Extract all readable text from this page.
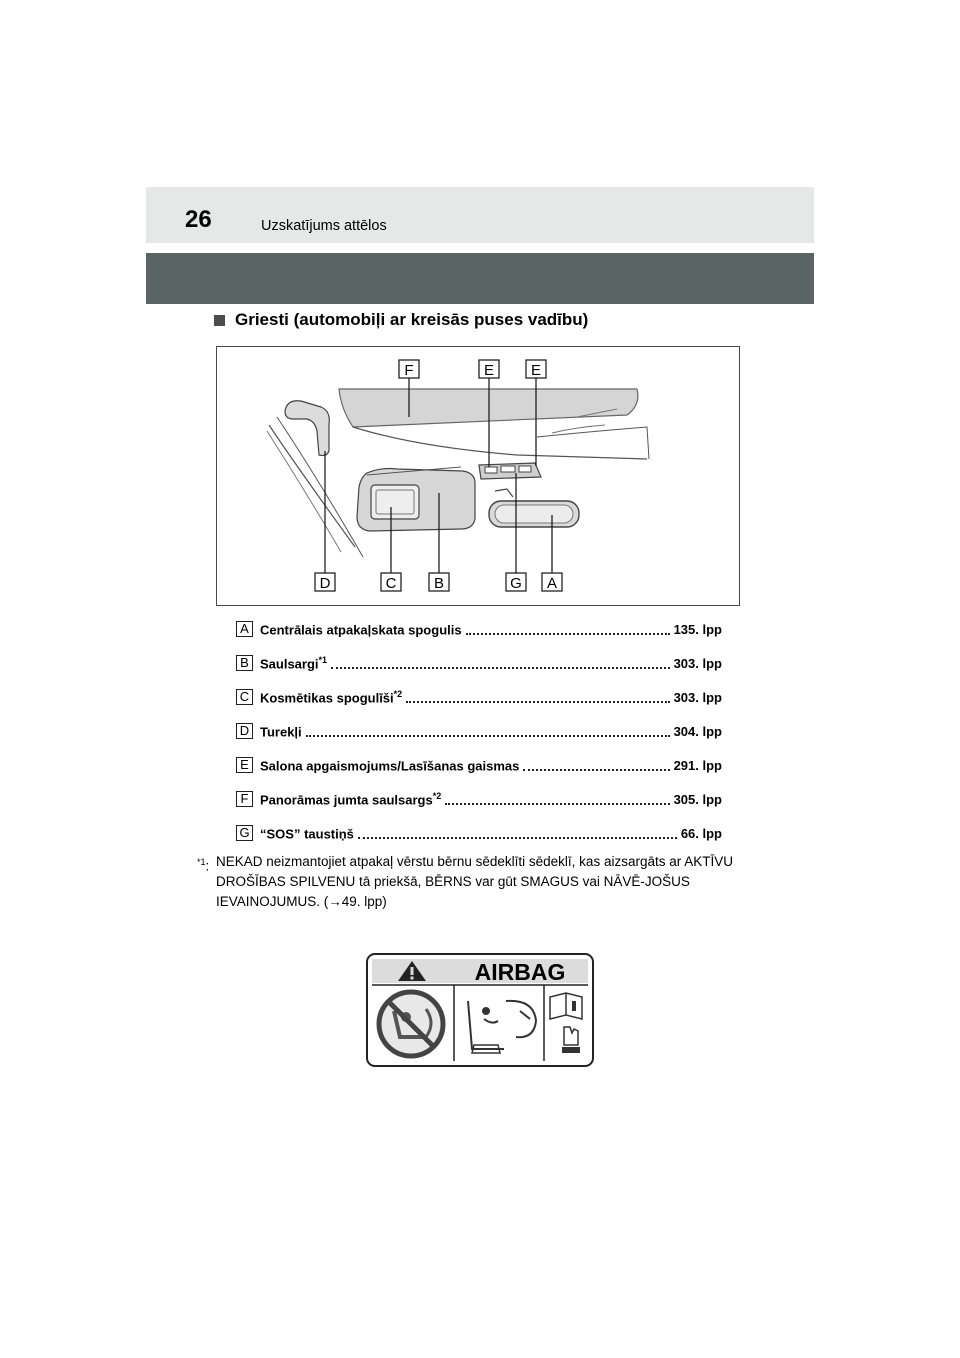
26	Uzskatījums attēlos
Griesti (automobiļi ar kreisās puses vadību)
F	E E
D	C	B	G A
A Centrālais atpakaļskata spogulis	135. lpp
B Saulsargi$^{*1}$	303. lpp
C Kosmētikas spogulīši$^{*2}$	303. lpp
D Turekļi	304. lpp
E Salona apgaismojums/Lasīšanas gaismas	291. lpp
F Panorāmas jumta saulsargs$^{*2}$	305. lpp
G “SOS” taustiņš	66. lpp
$^{*1}$: NEKAD neizmantojiet atpakaļ vērstu bērnu sēdeklīti sēdeklī, kas aizsargāts ar AKTĪVU DROŠĪBAS SPILVENU tā priekšā, BĒRNS var gūt SMAGUS vai NĀVĒ-JOŠUS IEVAINOJUMUS. (→49. lpp)
AIRBAG
